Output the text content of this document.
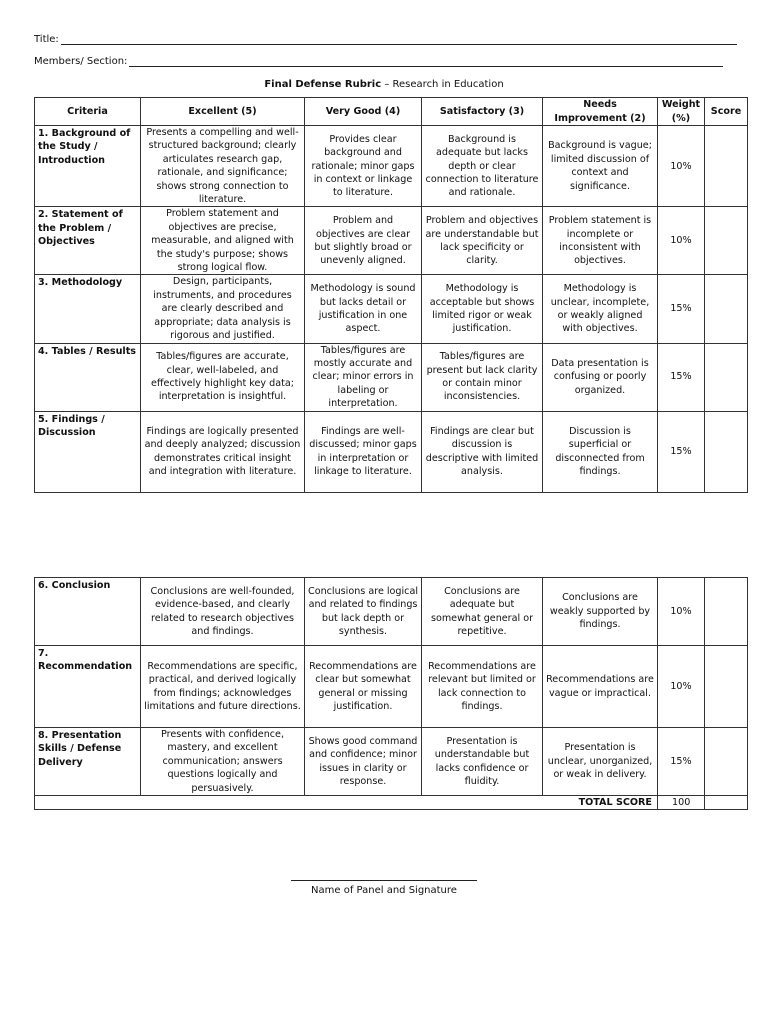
Title:
Members/ Section:
Final Defense Rubric – Research in Education
Criteria	Excellent (5)	Very Good (4)	Satisfactory (3)	Needs Improvement (2)	Weight (%)	Score
1. Background of the Study / Introduction	Presents a compelling and well-structured background; clearly articulates research gap, rationale, and significance; shows strong connection to literature.	Provides clear background and rationale; minor gaps in context or linkage to literature.	Background is adequate but lacks depth or clear connection to literature and rationale.	Background is vague; limited discussion of context and significance.	10%	
2. Statement of the Problem / Objectives	Problem statement and objectives are precise, measurable, and aligned with the study's purpose; shows strong logical flow.	Problem and objectives are clear but slightly broad or unevenly aligned.	Problem and objectives are understandable but lack specificity or clarity.	Problem statement is incomplete or inconsistent with objectives.	10%	
3. Methodology	Design, participants, instruments, and procedures are clearly described and appropriate; data analysis is rigorous and justified.	Methodology is sound but lacks detail or justification in one aspect.	Methodology is acceptable but shows limited rigor or weak justification.	Methodology is unclear, incomplete, or weakly aligned with objectives.	15%	
4. Tables / Results	Tables/figures are accurate, clear, well-labeled, and effectively highlight key data; interpretation is insightful.	Tables/figures are mostly accurate and clear; minor errors in labeling or interpretation.	Tables/figures are present but lack clarity or contain minor inconsistencies.	Data presentation is confusing or poorly organized.	15%	
5. Findings / Discussion	Findings are logically presented and deeply analyzed; discussion demonstrates critical insight and integration with literature.	Findings are well-discussed; minor gaps in interpretation or linkage to literature.	Findings are clear but discussion is descriptive with limited analysis.	Discussion is superficial or disconnected from findings.	15%	
6. Conclusion	Conclusions are well-founded, evidence-based, and clearly related to research objectives and findings.	Conclusions are logical and related to findings but lack depth or synthesis.	Conclusions are adequate but somewhat general or repetitive.	Conclusions are weakly supported by findings.	10%	
7. Recommendation	Recommendations are specific, practical, and derived logically from findings; acknowledges limitations and future directions.	Recommendations are clear but somewhat general or missing justification.	Recommendations are relevant but limited or lack connection to findings.	Recommendations are vague or impractical.	10%	
8. Presentation Skills / Defense Delivery	Presents with confidence, mastery, and excellent communication; answers questions logically and persuasively.	Shows good command and confidence; minor issues in clarity or response.	Presentation is understandable but lacks confidence or fluidity.	Presentation is unclear, unorganized, or weak in delivery.	15%	
TOTAL SCORE					100	
Name of Panel and Signature
